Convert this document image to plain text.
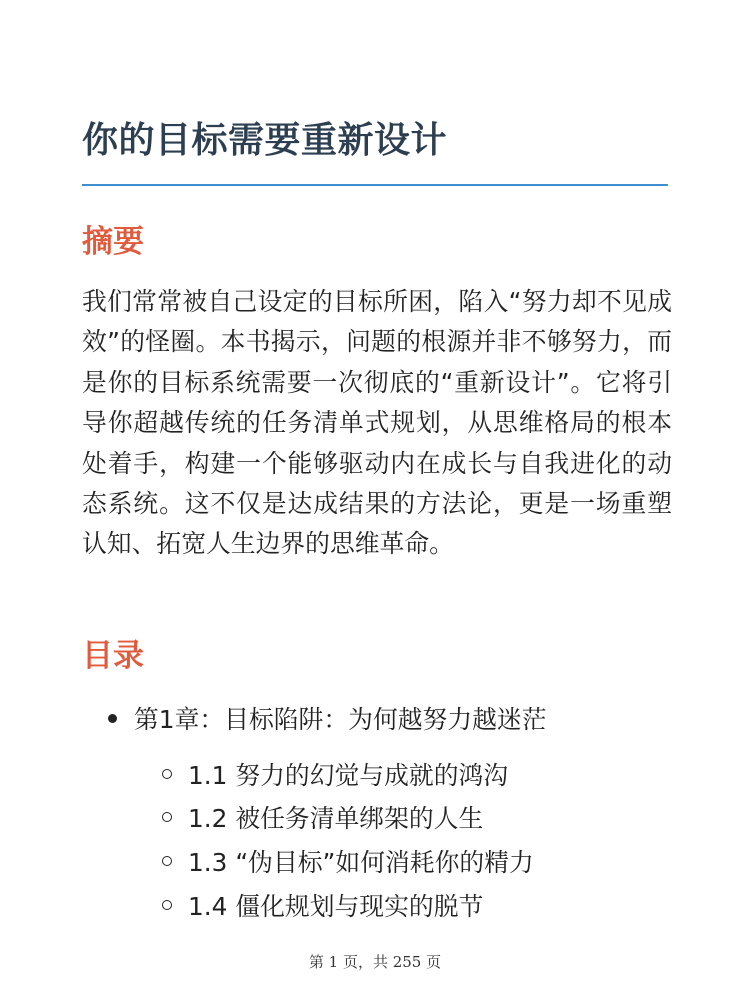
你的目标需要重新设计
摘要

我们常常被自己设定的目标所困，陷入“努力却不见成效”的怪圈。本书揭示，问题的根源并非不够努力，而是你的目标系统需要一次彻底的“重新设计”。它将引导你超越传统的任务清单式规划，从思维格局的根本处着手，构建一个能够驱动内在成长与自我进化的动态系统。这不仅是达成结果的方法论，更是一场重塑认知、拓宽人生边界的思维革命。

目录
第1章：目标陷阱：为何越努力越迷茫
1.1 努力的幻觉与成就的鸿沟
1.2 被任务清单绑架的人生
1.3 “伪目标”如何消耗你的精力
1.4 僵化规划与现实的脱节
第 1 页，共 255 页
